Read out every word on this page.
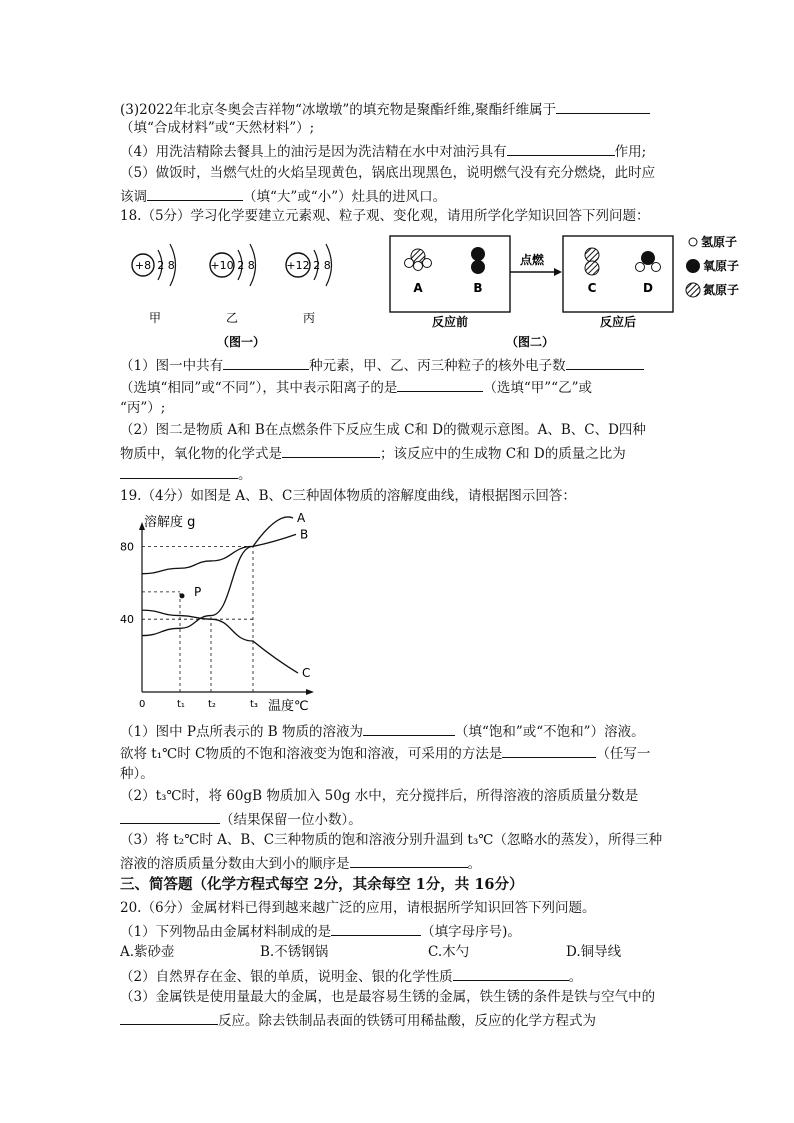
(3)2022年北京冬奥会吉祥物“冰墩墩”的填充物是聚酯纤维,聚酯纤维属于
（填“合成材料”或“天然材料”）;
（4）用洗洁精除去餐具上的油污是因为洗洁精在水中对油污具有	作用;
（5）做饭时，当燃气灶的火焰呈现黄色，锅底出现黑色，说明燃气没有充分燃烧，此时应
该调	（填“大”或“小”）灶具的进风口。
18.（5分）学习化学要建立元素观、粒子观、变化观，请用所学化学知识回答下列问题：
+8 2 8
甲
+10 2 8
乙
+12 2 8
丙
（图一）
A	B
反应前
点燃
C	D
反应后
（图二）
氢原子
氧原子
氮原子
（1）图一中共有	种元素，甲、乙、丙三种粒子的核外电子数
（选填“相同”或“不同”），其中表示阳离子的是	（选填“甲”“乙”或
“丙”）;
（2）图二是物质 A和 B在点燃条件下反应生成 C和 D的微观示意图。A、B、C、D四种
物质中，氧化物的化学式是	；该反应中的生成物 C和 D的质量之比为
。
19.（4分）如图是 A、B、C三种固体物质的溶解度曲线，请根据图示回答：
溶解度 g
温度℃
40
80
0	t₁ t₂	t₃
A
B
C
P
（1）图中 P点所表示的 B 物质的溶液为	（填“饱和”或“不饱和”）溶液。
欲将 t₁℃时 C物质的不饱和溶液变为饱和溶液，可采用的方法是	（任写一
种）。
（2）t₃℃时，将 60gB 物质加入 50g 水中，充分搅拌后，所得溶液的溶质质量分数是
（结果保留一位小数）。
（3）将 t₂℃时 A、B、C三种物质的饱和溶液分别升温到 t₃℃（忽略水的蒸发），所得三种
溶液的溶质质量分数由大到小的顺序是	。
三、简答题（化学方程式每空 2分，其余每空 1分，共 16分）
20.（6分）金属材料已得到越来越广泛的应用，请根据所学知识回答下列问题。
（1）下列物品由金属材料制成的是	（填字母序号)。
A.紫砂壶	B.不锈钢锅	C.木勺	D.铜导线
（2）自然界存在金、银的单质，说明金、银的化学性质	。
（3）金属铁是使用量最大的金属，也是最容易生锈的金属，铁生锈的条件是铁与空气中的
反应。除去铁制品表面的铁锈可用稀盐酸，反应的化学方程式为
